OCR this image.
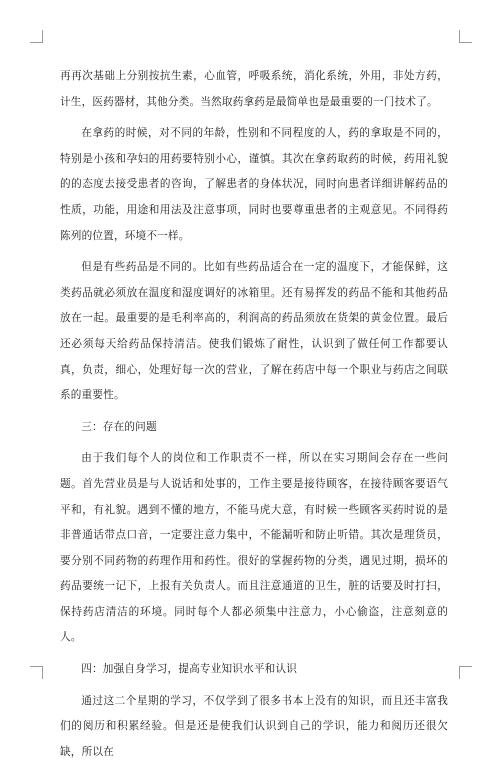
再再次基础上分别按抗生素，心血管，呼吸系统，消化系统，外用，非处方药，计生，医药器材，其他分类。当然取药拿药是最简单也是最重要的一门技术了。

在拿药的时候，对不同的年龄，性别和不同程度的人，药的拿取是不同的，特别是小孩和孕妇的用药要特别小心，谨慎。其次在拿药取药的时候，药用礼貌的的态度去接受患者的咨询，了解患者的身体状况，同时向患者详细讲解药品的性质，功能，用途和用法及注意事项，同时也要尊重患者的主观意见。不同得药陈列的位置，环境不一样。

但是有些药品是不同的。比如有些药品适合在一定的温度下，才能保鲜，这类药品就必须放在温度和湿度调好的冰箱里。还有易挥发的药品不能和其他药品放在一起。最重要的是毛利率高的，利润高的药品须放在货架的黄金位置。最后还必须每天给药品保持清洁。使我们锻炼了耐性，认识到了做任何工作都要认真，负责，细心，处理好每一次的营业，了解在药店中每一个职业与药店之间联系的重要性。

三：存在的问题

由于我们每个人的岗位和工作职责不一样，所以在实习期间会存在一些问题。首先营业员是与人说话和处事的，工作主要是接待顾客，在接待顾客要语气平和，有礼貌。遇到不懂的地方，不能马虎大意，有时候一些顾客买药时说的是非普通话带点口音，一定要注意力集中，不能漏听和防止听错。其次是理货员，要分别不同药物的药理作用和药性。很好的掌握药物的分类，遇见过期，损坏的药品要统一记下，上报有关负责人。而且注意通道的卫生，脏的话要及时打扫，保持药店清洁的环境。同时每个人都必须集中注意力，小心偷盗，注意刻意的人。

四：加强自身学习，提高专业知识水平和认识

通过这二个星期的学习，不仅学到了很多书本上没有的知识，而且还丰富我们的阅历和积累经验。但是还是使我们认识到自己的学识，能力和阅历还很欠缺，所以在
